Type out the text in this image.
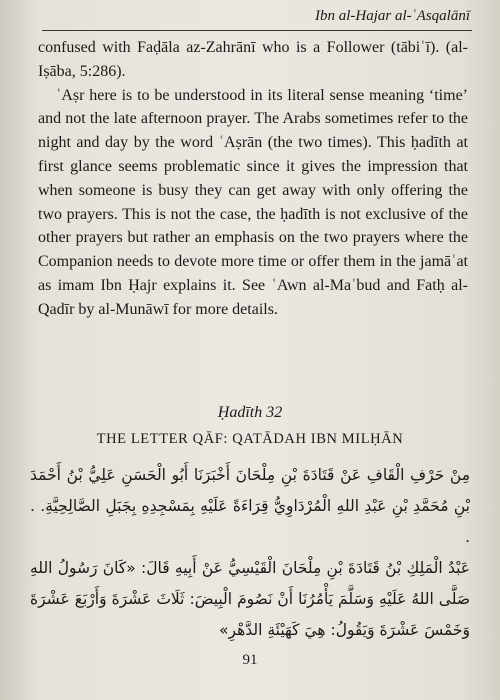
Ibn al-Hajar al-ʿAsqalānī

confused with Faḍāla az-Zahrānī who is a Follower (tābiʿī). (al-Iṣāba, 5:286).

ʿAṣr here is to be understood in its literal sense meaning ‘time’ and not the late afternoon prayer. The Arabs sometimes refer to the night and day by the word ʿAṣrān (the two times). This ḥadīth at first glance seems problematic since it gives the impression that when someone is busy they can get away with only offering the two prayers. This is not the case, the ḥadīth is not exclusive of the other prayers but rather an emphasis on the two prayers where the Companion needs to devote more time or offer them in the jamāʿat as imam Ibn Ḥajr explains it. See ʿAwn al-Maʿbud and Fatḥ al-Qadīr by al-Munāwī for more details.

Ḥadīth 32
THE LETTER QĀF: QATĀDAH IBN MILḤĀN

مِنْ حَرْفِ الْقَافِ عَنْ قَتَادَةَ بْنِ مِلْحَانَ أَخْبَرَنَا أَبُو الْحَسَنِ عَلِيُّ بْنُ أَحْمَدَ بْنِ مُحَمَّدِ بْنِ عَبْدِ اللهِ الْمُرْدَاوِيُّ قِرَاءَةً عَلَيْهِ بِمَسْجِدِهِ بِجَبَلِ الصَّالِحِيَّةِ. . .

عَبْدُ الْمَلِكِ بْنُ قَتَادَةَ بْنِ مِلْحَانَ الْقَيْسِيُّ عَنْ أَبِيهِ قَالَ: «كَانَ رَسُولُ اللهِ صَلَّى اللهُ عَلَيْهِ وَسَلَّمَ يَأْمُرُنَا أَنْ نَصُومَ الْبِيضَ: ثَلَاثَ عَشْرَةَ وَأَرْبَعَ عَشْرَةَ وَخَمْسَ عَشْرَةَ وَيَقُولُ: هِيَ كَهَيْئَةِ الدَّهْرِ»

91
